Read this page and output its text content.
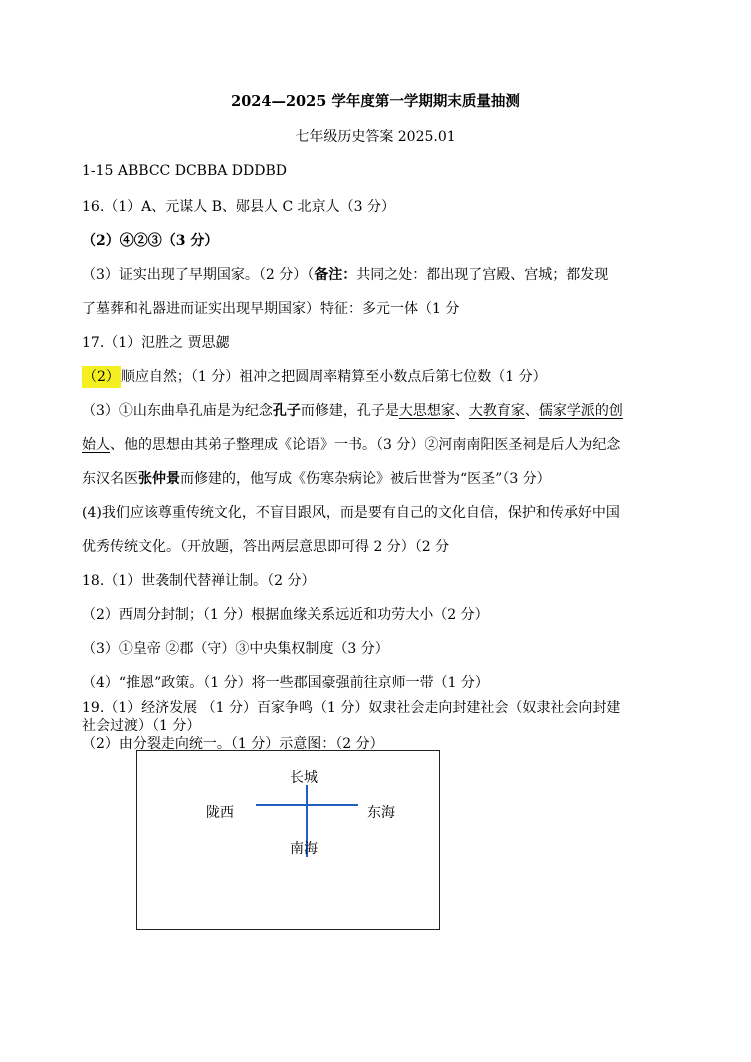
2024—2025 学年度第一学期期末质量抽测
七年级历史答案 2025.01
1-15 ABBCC DCBBA DDDBD
16.（1）A、元谋人 B、郧县人 C 北京人（3 分）
（2）④②③（3 分）
（3）证实出现了早期国家。（2 分）（备注：共同之处：都出现了宫殿、宫城；都发现
了墓葬和礼器进而证实出现早期国家）特征：多元一体（1 分
17.（1）氾胜之 贾思勰
（2）顺应自然；（1 分）祖冲之把圆周率精算至小数点后第七位数（1 分）
（3）①山东曲阜孔庙是为纪念孔子而修建，孔子是大思想家、大教育家、儒家学派的创
始人、他的思想由其弟子整理成《论语》一书。（3 分）②河南南阳医圣祠是后人为纪念
东汉名医张仲景而修建的，他写成《伤寒杂病论》被后世誉为“医圣”（3 分）
(4)我们应该尊重传统文化，不盲目跟风，而是要有自己的文化自信，保护和传承好中国
优秀传统文化。（开放题，答出两层意思即可得 2 分）（2 分
18.（1）世袭制代替禅让制。（2 分）
（2）西周分封制；（1 分）根据血缘关系远近和功劳大小（2 分）
（3）①皇帝 ②郡（守）③中央集权制度（3 分）
（4）“推恩”政策。（1 分）将一些郡国豪强前往京师一带（1 分）
19.（1）经济发展 （1 分）百家争鸣（1 分）奴隶社会走向封建社会（奴隶社会向封建
社会过渡）（1 分）
（2）由分裂走向统一。（1 分）示意图：（2 分）
长城
陇西	东海
南海
